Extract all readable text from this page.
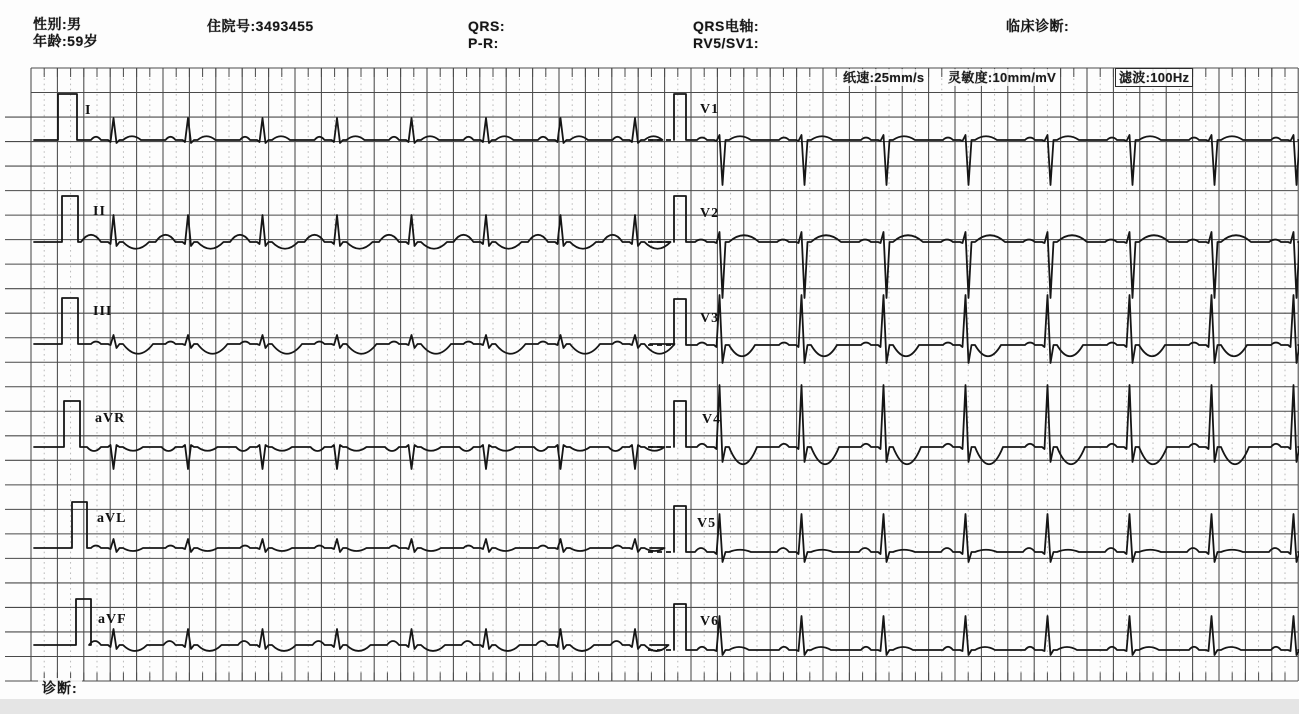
性别:男
年龄:59岁
住院号:3493455	QRS:
P-R:
QRS电轴:
RV5/SV1:
临床诊断:
I
II
III
aVR
aVL
aVF
V1
V2
V3
V4
V5
V6
纸速:25mm/s 灵敏度:10mm/mV	滤波:100Hz
诊断:
